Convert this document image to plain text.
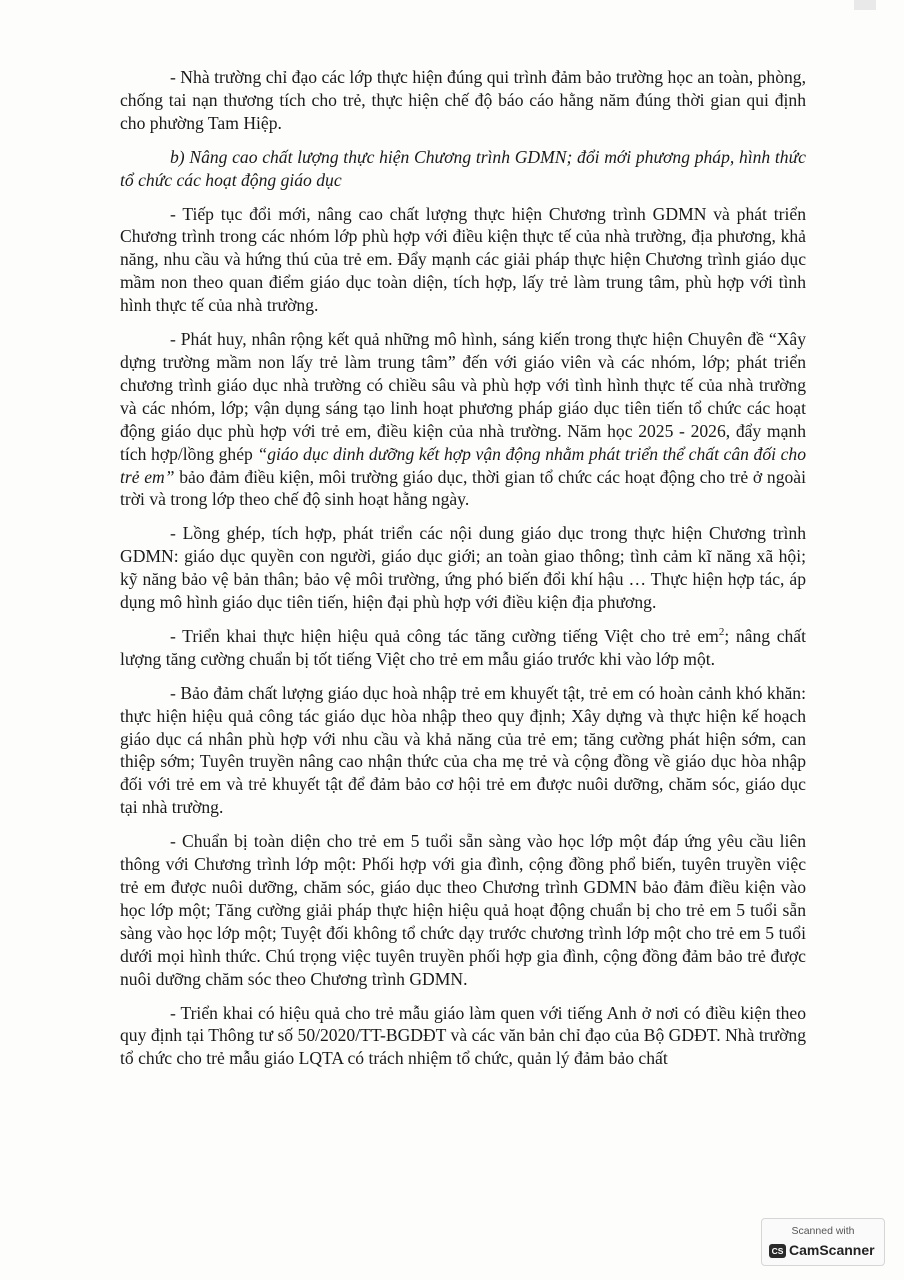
- Nhà trường chỉ đạo các lớp thực hiện đúng qui trình đảm bảo trường học an toàn, phòng, chống tai nạn thương tích cho trẻ, thực hiện chế độ báo cáo hằng năm đúng thời gian qui định cho phường Tam Hiệp.

b) Nâng cao chất lượng thực hiện Chương trình GDMN; đổi mới phương pháp, hình thức tổ chức các hoạt động giáo dục

- Tiếp tục đổi mới, nâng cao chất lượng thực hiện Chương trình GDMN và phát triển Chương trình trong các nhóm lớp phù hợp với điều kiện thực tế của nhà trường, địa phương, khả năng, nhu cầu và hứng thú của trẻ em. Đẩy mạnh các giải pháp thực hiện Chương trình giáo dục mầm non theo quan điểm giáo dục toàn diện, tích hợp, lấy trẻ làm trung tâm, phù hợp với tình hình thực tế của nhà trường.

- Phát huy, nhân rộng kết quả những mô hình, sáng kiến trong thực hiện Chuyên đề “Xây dựng trường mầm non lấy trẻ làm trung tâm” đến với giáo viên và các nhóm, lớp; phát triển chương trình giáo dục nhà trường có chiều sâu và phù hợp với tình hình thực tế của nhà trường và các nhóm, lớp; vận dụng sáng tạo linh hoạt phương pháp giáo dục tiên tiến tổ chức các hoạt động giáo dục phù hợp với trẻ em, điều kiện của nhà trường. Năm học 2025 - 2026, đẩy mạnh tích hợp/lồng ghép “giáo dục dinh dưỡng kết hợp vận động nhằm phát triển thể chất cân đối cho trẻ em” bảo đảm điều kiện, môi trường giáo dục, thời gian tổ chức các hoạt động cho trẻ ở ngoài trời và trong lớp theo chế độ sinh hoạt hằng ngày.

- Lồng ghép, tích hợp, phát triển các nội dung giáo dục trong thực hiện Chương trình GDMN: giáo dục quyền con người, giáo dục giới; an toàn giao thông; tình cảm kĩ năng xã hội; kỹ năng bảo vệ bản thân; bảo vệ môi trường, ứng phó biến đổi khí hậu … Thực hiện hợp tác, áp dụng mô hình giáo dục tiên tiến, hiện đại phù hợp với điều kiện địa phương.

- Triển khai thực hiện hiệu quả công tác tăng cường tiếng Việt cho trẻ $em^2$; nâng chất lượng tăng cường chuẩn bị tốt tiếng Việt cho trẻ em mẫu giáo trước khi vào lớp một.

- Bảo đảm chất lượng giáo dục hoà nhập trẻ em khuyết tật, trẻ em có hoàn cảnh khó khăn: thực hiện hiệu quả công tác giáo dục hòa nhập theo quy định; Xây dựng và thực hiện kế hoạch giáo dục cá nhân phù hợp với nhu cầu và khả năng của trẻ em; tăng cường phát hiện sớm, can thiệp sớm; Tuyên truyền nâng cao nhận thức của cha mẹ trẻ và cộng đồng về giáo dục hòa nhập đối với trẻ em và trẻ khuyết tật để đảm bảo cơ hội trẻ em được nuôi dưỡng, chăm sóc, giáo dục tại nhà trường.

- Chuẩn bị toàn diện cho trẻ em 5 tuổi sẵn sàng vào học lớp một đáp ứng yêu cầu liên thông với Chương trình lớp một: Phối hợp với gia đình, cộng đồng phổ biến, tuyên truyền việc trẻ em được nuôi dưỡng, chăm sóc, giáo dục theo Chương trình GDMN bảo đảm điều kiện vào học lớp một; Tăng cường giải pháp thực hiện hiệu quả hoạt động chuẩn bị cho trẻ em 5 tuổi sẵn sàng vào học lớp một; Tuyệt đối không tổ chức dạy trước chương trình lớp một cho trẻ em 5 tuổi dưới mọi hình thức. Chú trọng việc tuyên truyền phối hợp gia đình, cộng đồng đảm bảo trẻ được nuôi dưỡng chăm sóc theo Chương trình GDMN.

- Triển khai có hiệu quả cho trẻ mẫu giáo làm quen với tiếng Anh ở nơi có điều kiện theo quy định tại Thông tư số 50/2020/TT-BGDĐT và các văn bản chỉ đạo của Bộ GDĐT. Nhà trường tổ chức cho trẻ mẫu giáo LQTA có trách nhiệm tổ chức, quản lý đảm bảo chất

Scanned with
CS CamScanner
